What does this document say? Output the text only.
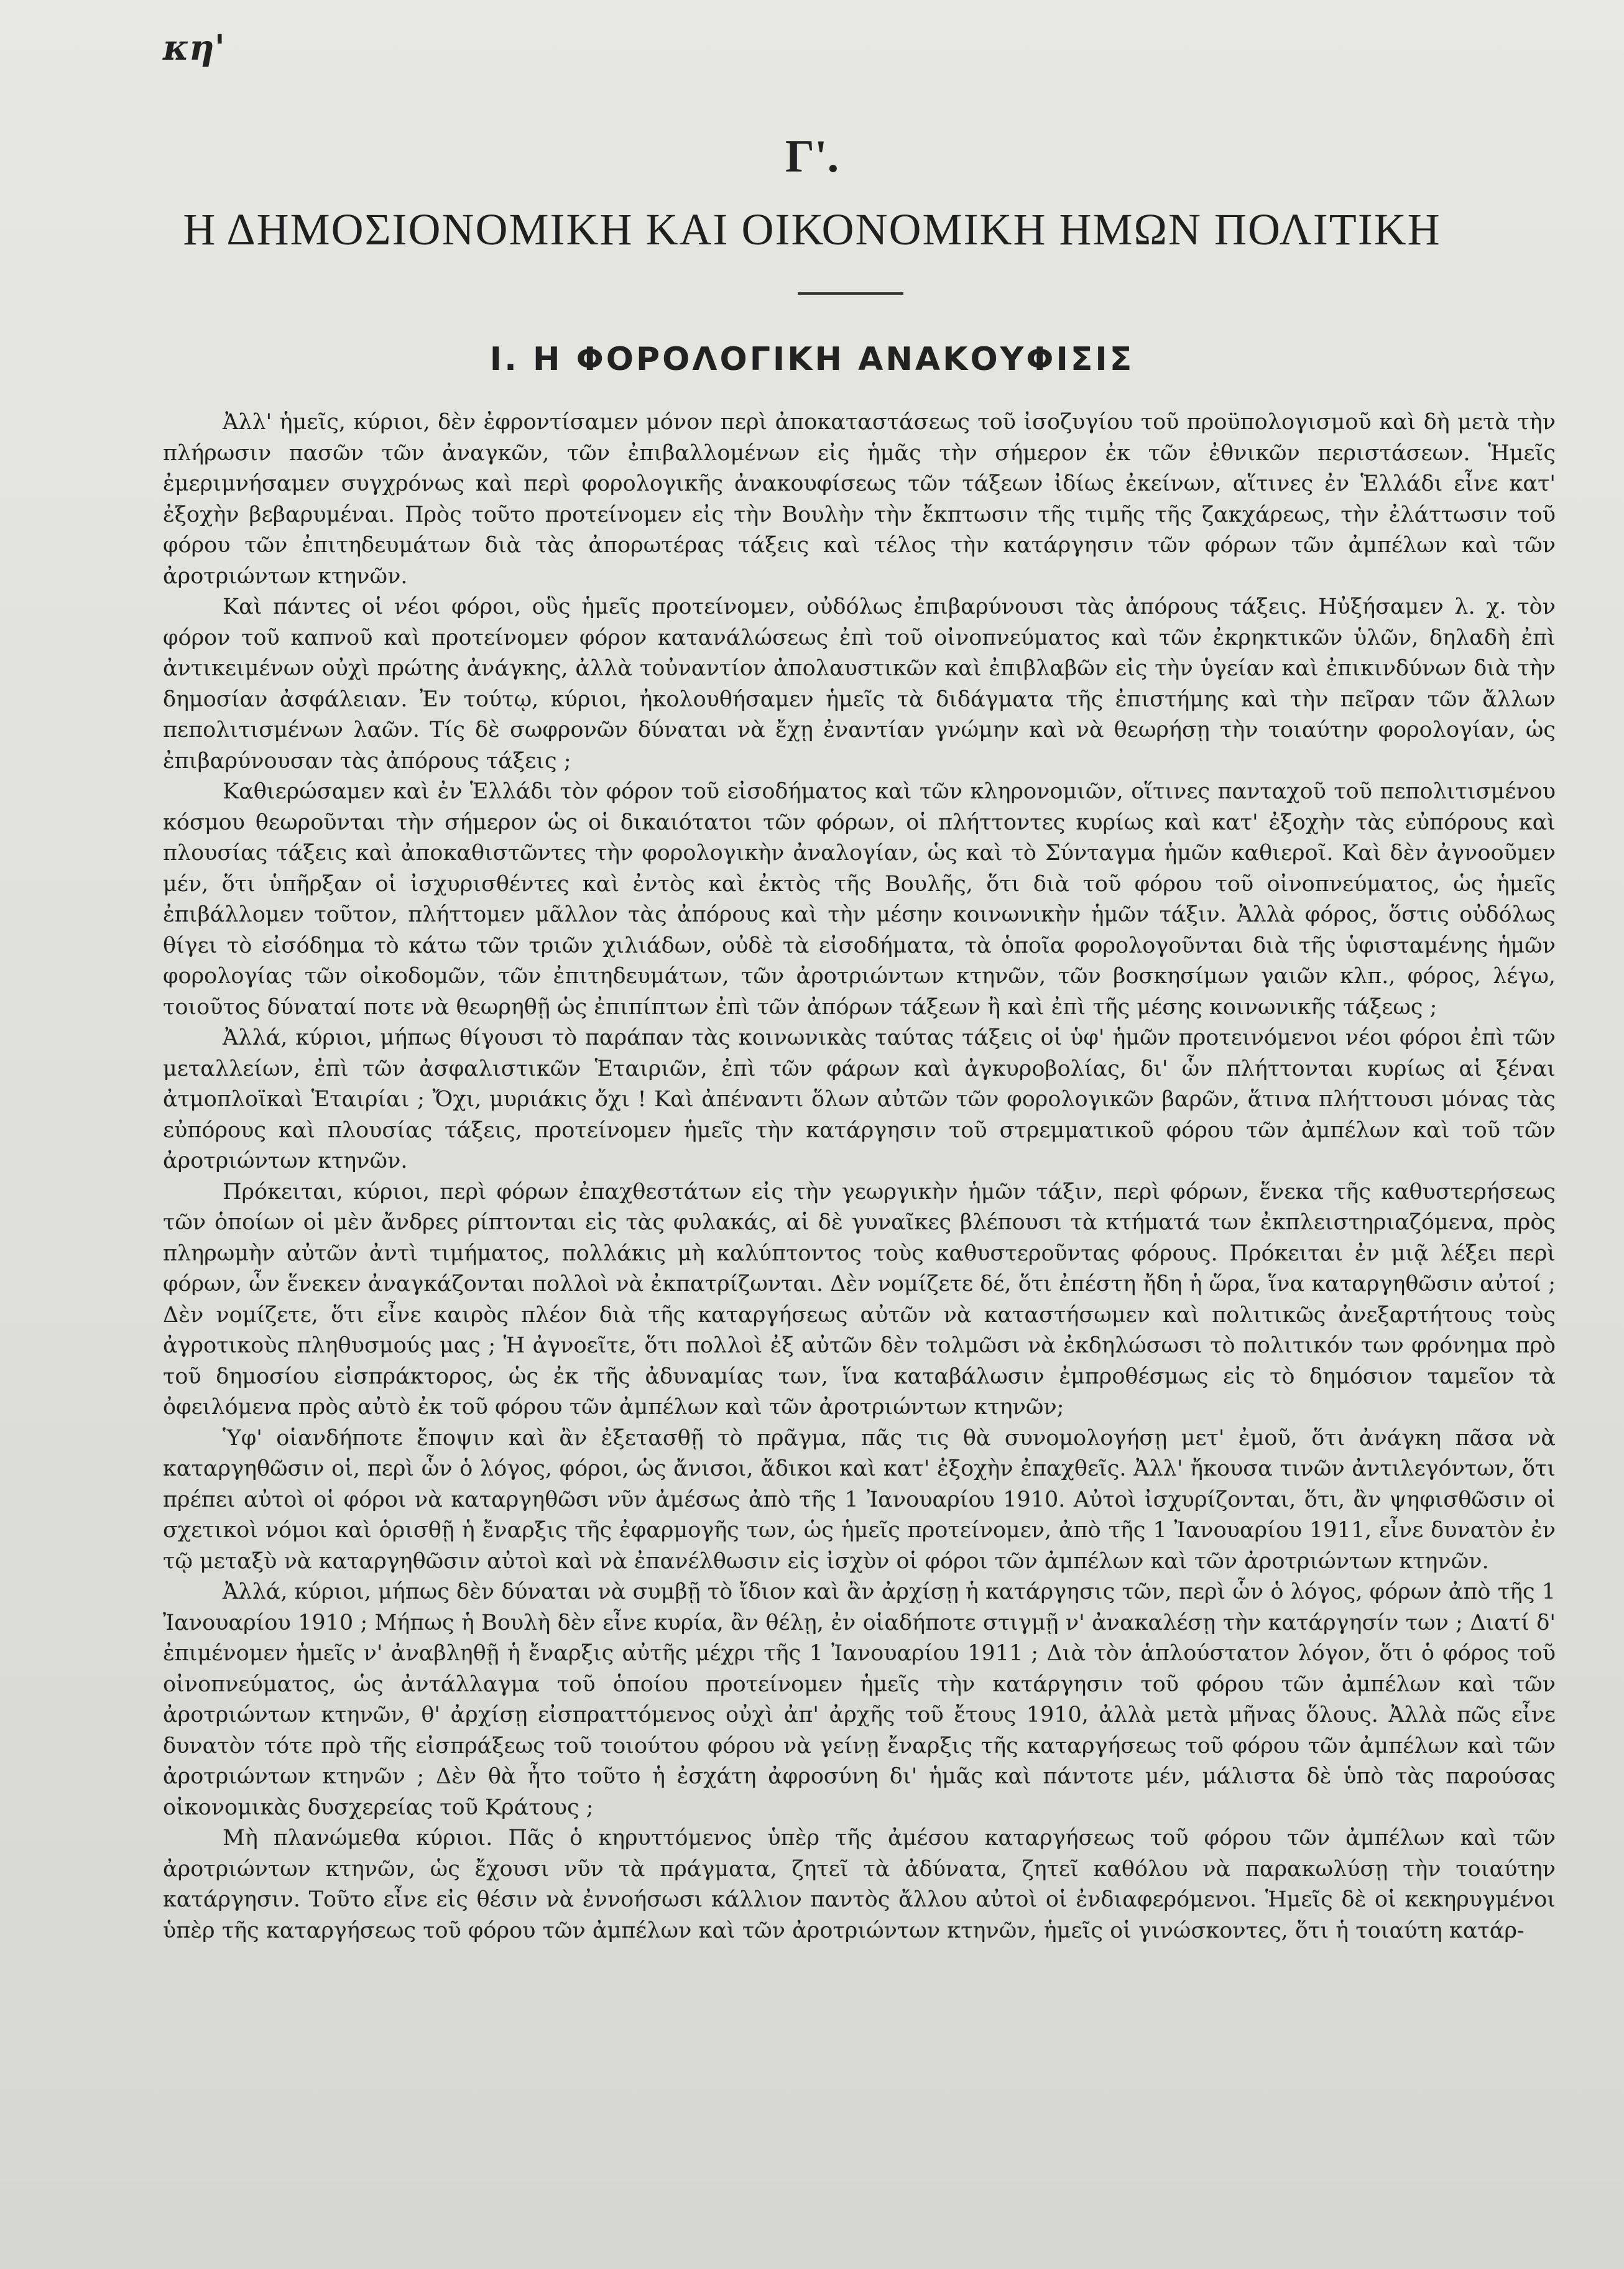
κη'
Γ'.
Η ΔΗΜΟΣΙΟΝΟΜΙΚΗ ΚΑΙ ΟΙΚΟΝΟΜΙΚΗ ΗΜΩΝ ΠΟΛΙΤΙΚΗ
Ι. Η ΦΟΡΟΛΟΓΙΚΗ ΑΝΑΚΟΥΦΙΣΙΣ

Ἀλλ' ἡμεῖς, κύριοι, δὲν ἐφροντίσαμεν μόνον περὶ ἀποκαταστάσεως τοῦ ἰσοζυγίου τοῦ προϋπολογισμοῦ καὶ δὴ μετὰ τὴν πλήρωσιν πασῶν τῶν ἀναγκῶν, τῶν ἐπιβαλλομένων εἰς ἡμᾶς τὴν σήμερον ἐκ τῶν ἐθνικῶν περιστάσεων. Ἡμεῖς ἐμεριμνήσαμεν συγχρόνως καὶ περὶ φορολογικῆς ἀνακουφίσεως τῶν τάξεων ἰδίως ἐκείνων, αἵτινες ἐν Ἑλλάδι εἶνε κατ' ἐξοχὴν βεβαρυμέναι. Πρὸς τοῦτο προτείνομεν εἰς τὴν Βουλὴν τὴν ἔκπτωσιν τῆς τιμῆς τῆς ζακχάρεως, τὴν ἐλάττωσιν τοῦ φόρου τῶν ἐπιτηδευμάτων διὰ τὰς ἀπορωτέρας τάξεις καὶ τέλος τὴν κατάργησιν τῶν φόρων τῶν ἀμπέλων καὶ τῶν ἀροτριώντων κτηνῶν.

Καὶ πάντες οἱ νέοι φόροι, οὓς ἡμεῖς προτείνομεν, οὐδόλως ἐπιβαρύνουσι τὰς ἀπόρους τάξεις. Ηὐξήσαμεν λ. χ. τὸν φόρον τοῦ καπνοῦ καὶ προτείνομεν φόρον κατανάλώσεως ἐπὶ τοῦ οἰνοπνεύματος καὶ τῶν ἐκρηκτικῶν ὑλῶν, δηλαδὴ ἐπὶ ἀντικειμένων οὐχὶ πρώτης ἀνάγκης, ἀλλὰ τοὐναντίον ἀπολαυστικῶν καὶ ἐπιβλαβῶν εἰς τὴν ὑγείαν καὶ ἐπικινδύνων διὰ τὴν δημοσίαν ἀσφάλειαν. Ἐν τούτῳ, κύριοι, ἠκολουθήσαμεν ἡμεῖς τὰ διδάγματα τῆς ἐπιστήμης καὶ τὴν πεῖραν τῶν ἄλλων πεπολιτισμένων λαῶν. Τίς δὲ σωφρονῶν δύναται νὰ ἔχῃ ἐναντίαν γνώμην καὶ νὰ θεωρήσῃ τὴν τοιαύτην φορολογίαν, ὡς ἐπιβαρύνουσαν τὰς ἀπόρους τάξεις ;

Καθιερώσαμεν καὶ ἐν Ἑλλάδι τὸν φόρον τοῦ εἰσοδήματος καὶ τῶν κληρονομιῶν, οἵτινες πανταχοῦ τοῦ πεπολιτισμένου κόσμου θεωροῦνται τὴν σήμερον ὡς οἱ δικαιότατοι τῶν φόρων, οἱ πλήττοντες κυρίως καὶ κατ' ἐξοχὴν τὰς εὐπόρους καὶ πλουσίας τάξεις καὶ ἀποκαθιστῶντες τὴν φορολογικὴν ἀναλογίαν, ὡς καὶ τὸ Σύνταγμα ἡμῶν καθιεροῖ. Καὶ δὲν ἀγνοοῦμεν μέν, ὅτι ὑπῆρξαν οἱ ἰσχυρισθέντες καὶ ἐντὸς καὶ ἐκτὸς τῆς Βουλῆς, ὅτι διὰ τοῦ φόρου τοῦ οἰνοπνεύματος, ὡς ἡμεῖς ἐπιβάλλομεν τοῦτον, πλήττομεν μᾶλλον τὰς ἀπόρους καὶ τὴν μέσην κοινωνικὴν ἡμῶν τάξιν. Ἀλλὰ φόρος, ὅστις οὐδόλως θίγει τὸ εἰσόδημα τὸ κάτω τῶν τριῶν χιλιάδων, οὐδὲ τὰ εἰσοδήματα, τὰ ὁποῖα φορολογοῦνται διὰ τῆς ὑφισταμένης ἡμῶν φορολογίας τῶν οἰκοδομῶν, τῶν ἐπιτηδευμάτων, τῶν ἀροτριώντων κτηνῶν, τῶν βοσκησίμων γαιῶν κλπ., φόρος, λέγω, τοιοῦτος δύναταί ποτε νὰ θεωρηθῇ ὡς ἐπιπίπτων ἐπὶ τῶν ἀπόρων τάξεων ἢ καὶ ἐπὶ τῆς μέσης κοινωνικῆς τάξεως ;

Ἀλλά, κύριοι, μήπως θίγουσι τὸ παράπαν τὰς κοινωνικὰς ταύτας τάξεις οἱ ὑφ' ἡμῶν προτεινόμενοι νέοι φόροι ἐπὶ τῶν μεταλλείων, ἐπὶ τῶν ἀσφαλιστικῶν Ἑταιριῶν, ἐπὶ τῶν φάρων καὶ ἀγκυροβολίας, δι' ὧν πλήττονται κυρίως αἱ ξέναι ἀτμοπλοϊκαὶ Ἑταιρίαι ; Ὄχι, μυριάκις ὄχι ! Καὶ ἀπέναντι ὅλων αὐτῶν τῶν φορολογικῶν βαρῶν, ἅτινα πλήττουσι μόνας τὰς εὐπόρους καὶ πλουσίας τάξεις, προτείνομεν ἡμεῖς τὴν κατάργησιν τοῦ στρεμματικοῦ φόρου τῶν ἀμπέλων καὶ τοῦ τῶν ἀροτριώντων κτηνῶν.

Πρόκειται, κύριοι, περὶ φόρων ἐπαχθεστάτων εἰς τὴν γεωργικὴν ἡμῶν τάξιν, περὶ φόρων, ἕνεκα τῆς καθυστερήσεως τῶν ὁποίων οἱ μὲν ἄνδρες ρίπτονται εἰς τὰς φυλακάς, αἱ δὲ γυναῖκες βλέπουσι τὰ κτήματά των ἐκπλειστηριαζόμενα, πρὸς πληρωμὴν αὐτῶν ἀντὶ τιμήματος, πολλάκις μὴ καλύπτοντος τοὺς καθυστεροῦντας φόρους. Πρόκειται ἐν μιᾷ λέξει περὶ φόρων, ὧν ἕνεκεν ἀναγκάζονται πολλοὶ νὰ ἐκπατρίζωνται. Δὲν νομίζετε δέ, ὅτι ἐπέστη ἤδη ἡ ὥρα, ἵνα καταργηθῶσιν αὐτοί ; Δὲν νομίζετε, ὅτι εἶνε καιρὸς πλέον διὰ τῆς καταργήσεως αὐτῶν νὰ καταστήσωμεν καὶ πολιτικῶς ἀνεξαρτήτους τοὺς ἀγροτικοὺς πληθυσμούς μας ; Ἡ ἀγνοεῖτε, ὅτι πολλοὶ ἐξ αὐτῶν δὲν τολμῶσι νὰ ἐκδηλώσωσι τὸ πολιτικόν των φρόνημα πρὸ τοῦ δημοσίου εἰσπράκτορος, ὡς ἐκ τῆς ἀδυναμίας των, ἵνα καταβάλωσιν ἐμπροθέσμως εἰς τὸ δημόσιον ταμεῖον τὰ ὀφειλόμενα πρὸς αὐτὸ ἐκ τοῦ φόρου τῶν ἀμπέλων καὶ τῶν ἀροτριώντων κτηνῶν;

Ὑφ' οἱανδήποτε ἔποψιν καὶ ἂν ἐξετασθῇ τὸ πρᾶγμα, πᾶς τις θὰ συνομολογήσῃ μετ' ἐμοῦ, ὅτι ἀνάγκη πᾶσα νὰ καταργηθῶσιν οἱ, περὶ ὧν ὁ λόγος, φόροι, ὡς ἄνισοι, ἄδικοι καὶ κατ' ἐξοχὴν ἐπαχθεῖς. Ἀλλ' ἤκουσα τινῶν ἀντιλεγόντων, ὅτι πρέπει αὐτοὶ οἱ φόροι νὰ καταργηθῶσι νῦν ἀμέσως ἀπὸ τῆς 1 Ἰανουαρίου 1910. Αὐτοὶ ἰσχυρίζονται, ὅτι, ἂν ψηφισθῶσιν οἱ σχετικοὶ νόμοι καὶ ὁρισθῇ ἡ ἔναρξις τῆς ἐφαρμογῆς των, ὡς ἡμεῖς προτείνομεν, ἀπὸ τῆς 1 Ἰανουαρίου 1911, εἶνε δυνατὸν ἐν τῷ μεταξὺ νὰ καταργηθῶσιν αὐτοὶ καὶ νὰ ἐπανέλθωσιν εἰς ἰσχὺν οἱ φόροι τῶν ἀμπέλων καὶ τῶν ἀροτριώντων κτηνῶν.

Ἀλλά, κύριοι, μήπως δὲν δύναται νὰ συμβῇ τὸ ἴδιον καὶ ἂν ἀρχίσῃ ἡ κατάργησις τῶν, περὶ ὧν ὁ λόγος, φόρων ἀπὸ τῆς 1 Ἰανουαρίου 1910 ; Μήπως ἡ Βουλὴ δὲν εἶνε κυρία, ἂν θέλῃ, ἐν οἱαδήποτε στιγμῇ ν' ἀνακαλέσῃ τὴν κατάργησίν των ; Διατί δ' ἐπιμένομεν ἡμεῖς ν' ἀναβληθῇ ἡ ἔναρξις αὐτῆς μέχρι τῆς 1 Ἰανουαρίου 1911 ; Διὰ τὸν ἁπλούστατον λόγον, ὅτι ὁ φόρος τοῦ οἰνοπνεύματος, ὡς ἀντάλλαγμα τοῦ ὁποίου προτείνομεν ἡμεῖς τὴν κατάργησιν τοῦ φόρου τῶν ἀμπέλων καὶ τῶν ἀροτριώντων κτηνῶν, θ' ἀρχίσῃ εἰσπραττόμενος οὐχὶ ἀπ' ἀρχῆς τοῦ ἔτους 1910, ἀλλὰ μετὰ μῆνας ὅλους. Ἀλλὰ πῶς εἶνε δυνατὸν τότε πρὸ τῆς εἰσπράξεως τοῦ τοιούτου φόρου νὰ γείνῃ ἔναρξις τῆς καταργήσεως τοῦ φόρου τῶν ἀμπέλων καὶ τῶν ἀροτριώντων κτηνῶν ; Δὲν θὰ ἦτο τοῦτο ἡ ἐσχάτη ἀφροσύνη δι' ἡμᾶς καὶ πάντοτε μέν, μάλιστα δὲ ὑπὸ τὰς παρούσας οἰκονομικὰς δυσχερείας τοῦ Κράτους ;

Μὴ πλανώμεθα κύριοι. Πᾶς ὁ κηρυττόμενος ὑπὲρ τῆς ἀμέσου καταργήσεως τοῦ φόρου τῶν ἀμπέλων καὶ τῶν ἀροτριώντων κτηνῶν, ὡς ἔχουσι νῦν τὰ πράγματα, ζητεῖ τὰ ἀδύνατα, ζητεῖ καθόλου νὰ παρακωλύσῃ τὴν τοιαύτην κατάργησιν. Τοῦτο εἶνε εἰς θέσιν νὰ ἐννοήσωσι κάλλιον παντὸς ἄλλου αὐτοὶ οἱ ἐνδιαφερόμενοι. Ἡμεῖς δὲ οἱ κεκηρυγμένοι ὑπὲρ τῆς καταργήσεως τοῦ φόρου τῶν ἀμπέλων καὶ τῶν ἀροτριώντων κτηνῶν, ἡμεῖς οἱ γινώσκοντες, ὅτι ἡ τοιαύτη κατάρ-
